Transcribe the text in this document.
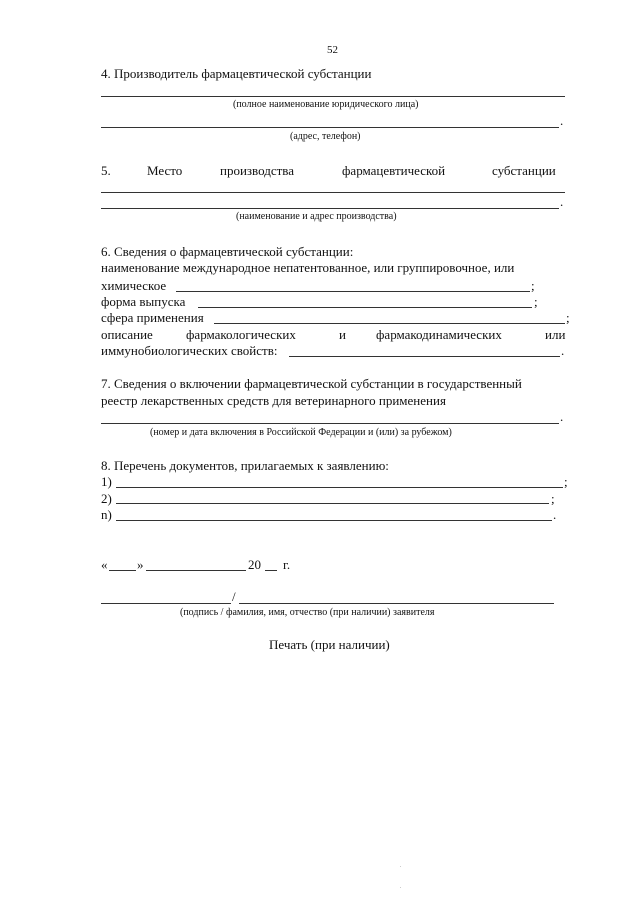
52
4. Производитель фармацевтической субстанции
(полное наименование юридического лица)
.
(адрес, телефон)
5.	Место	производства	фармацевтической	субстанции
.
(наименование и адрес производства)
6. Сведения о фармацевтической субстанции:
наименование международное непатентованное, или группировочное, или
химическое	;
форма выпуска	;
сфера применения	;
описание	фармакологических	и фармакодинамических	или
иммунобиологических свойств:	.
7. Сведения о включении фармацевтической субстанции в государственный
реестр лекарственных средств для ветеринарного применения
.
(номер и дата включения в Российской Федерации и (или) за рубежом)
8. Перечень документов, прилагаемых к заявлению:
1)	;
2)	;
n)	.
« »	20 г.
/
(подпись / фамилия, имя, отчество (при наличии) заявителя
Печать (при наличии)
